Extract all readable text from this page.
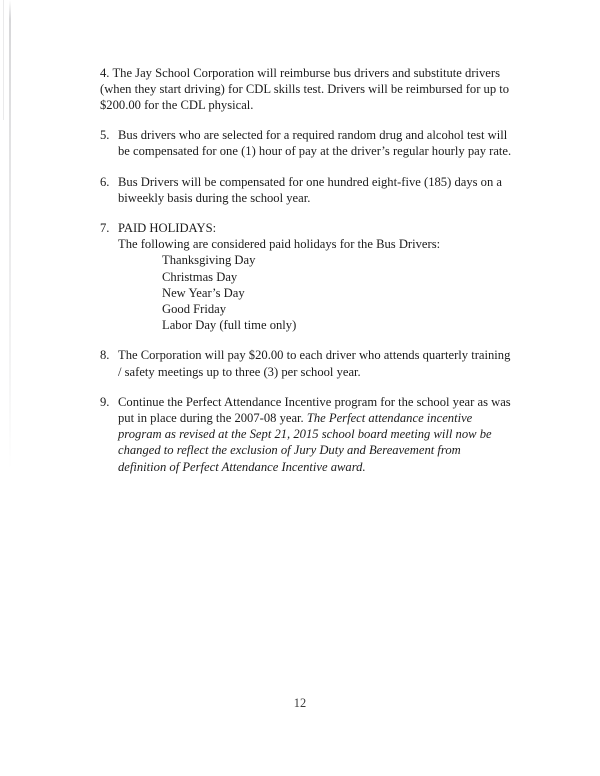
4. The Jay School Corporation will reimburse bus drivers and substitute drivers (when they start driving) for CDL skills test. Drivers will be reimbursed for up to $200.00 for the CDL physical.

5. Bus drivers who are selected for a required random drug and alcohol test will be compensated for one (1) hour of pay at the driver’s regular hourly pay rate.

6. Bus Drivers will be compensated for one hundred eight-five (185) days on a biweekly basis during the school year.

7. PAID HOLIDAYS:
The following are considered paid holidays for the Bus Drivers:
Thanksgiving Day
Christmas Day
New Year’s Day
Good Friday
Labor Day (full time only)

8. The Corporation will pay $20.00 to each driver who attends quarterly training / safety meetings up to three (3) per school year.

9. Continue the Perfect Attendance Incentive program for the school year as was put in place during the 2007-08 year. The Perfect attendance incentive program as revised at the Sept 21, 2015 school board meeting will now be changed to reflect the exclusion of Jury Duty and Bereavement from definition of Perfect Attendance Incentive award.

12
